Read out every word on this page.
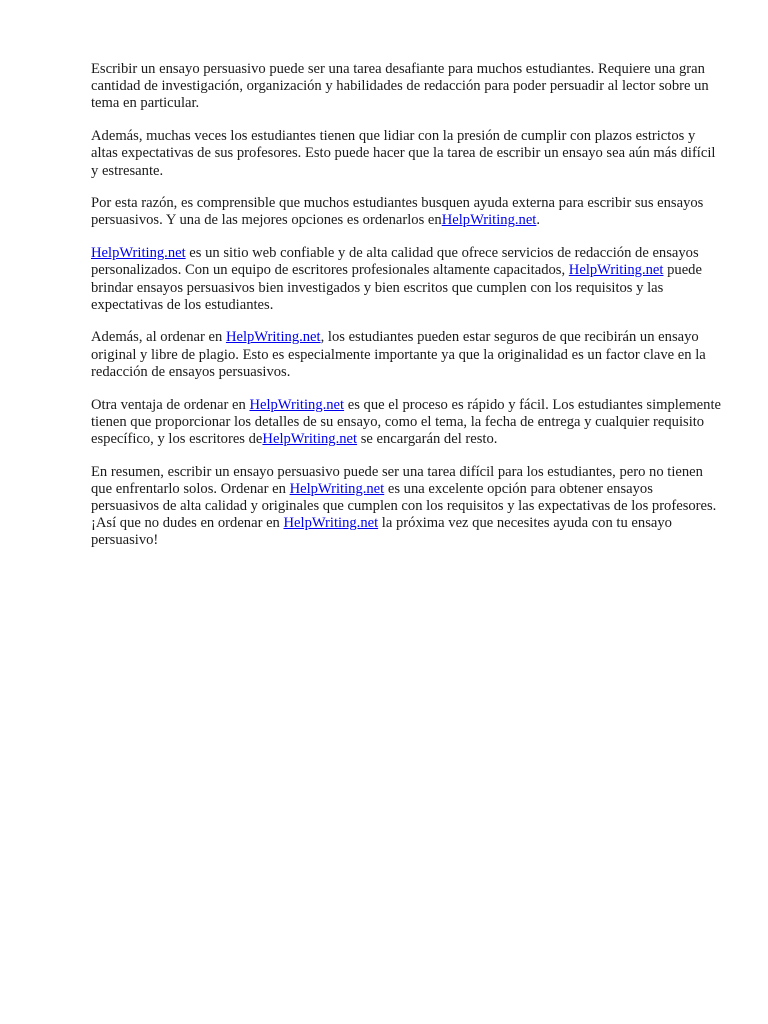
Escribir un ensayo persuasivo puede ser una tarea desafiante para muchos estudiantes. Requiere una gran cantidad de investigación, organización y habilidades de redacción para poder persuadir al lector sobre un tema en particular.

Además, muchas veces los estudiantes tienen que lidiar con la presión de cumplir con plazos estrictos y altas expectativas de sus profesores. Esto puede hacer que la tarea de escribir un ensayo sea aún más difícil y estresante.

Por esta razón, es comprensible que muchos estudiantes busquen ayuda externa para escribir sus ensayos persuasivos. Y una de las mejores opciones es ordenarlos enHelpWriting.net.

HelpWriting.net es un sitio web confiable y de alta calidad que ofrece servicios de redacción de ensayos personalizados. Con un equipo de escritores profesionales altamente capacitados, HelpWriting.net puede brindar ensayos persuasivos bien investigados y bien escritos que cumplen con los requisitos y las expectativas de los estudiantes.

Además, al ordenar en HelpWriting.net, los estudiantes pueden estar seguros de que recibirán un ensayo original y libre de plagio. Esto es especialmente importante ya que la originalidad es un factor clave en la redacción de ensayos persuasivos.

Otra ventaja de ordenar en HelpWriting.net es que el proceso es rápido y fácil. Los estudiantes simplemente tienen que proporcionar los detalles de su ensayo, como el tema, la fecha de entrega y cualquier requisito específico, y los escritores deHelpWriting.net se encargarán del resto.

En resumen, escribir un ensayo persuasivo puede ser una tarea difícil para los estudiantes, pero no tienen que enfrentarlo solos. Ordenar en HelpWriting.net es una excelente opción para obtener ensayos persuasivos de alta calidad y originales que cumplen con los requisitos y las expectativas de los profesores. ¡Así que no dudes en ordenar en HelpWriting.net la próxima vez que necesites ayuda con tu ensayo persuasivo!
